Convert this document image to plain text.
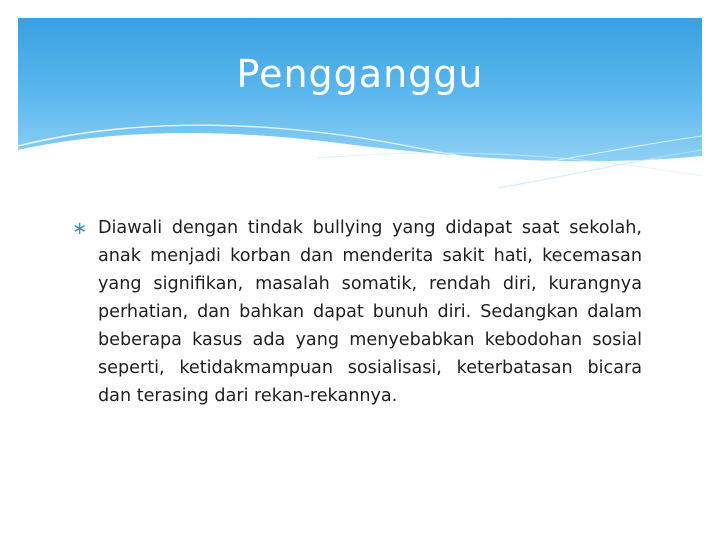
Pengganggu
∗ Diawali dengan tindak bullying yang didapat saat sekolah, anak menjadi korban dan menderita sakit hati, kecemasan yang signifikan, masalah somatik, rendah diri, kurangnya perhatian, dan bahkan dapat bunuh diri. Sedangkan dalam beberapa kasus ada yang menyebabkan kebodohan sosial seperti, ketidakmampuan sosialisasi, keterbatasan bicara dan terasing dari rekan-rekannya.
